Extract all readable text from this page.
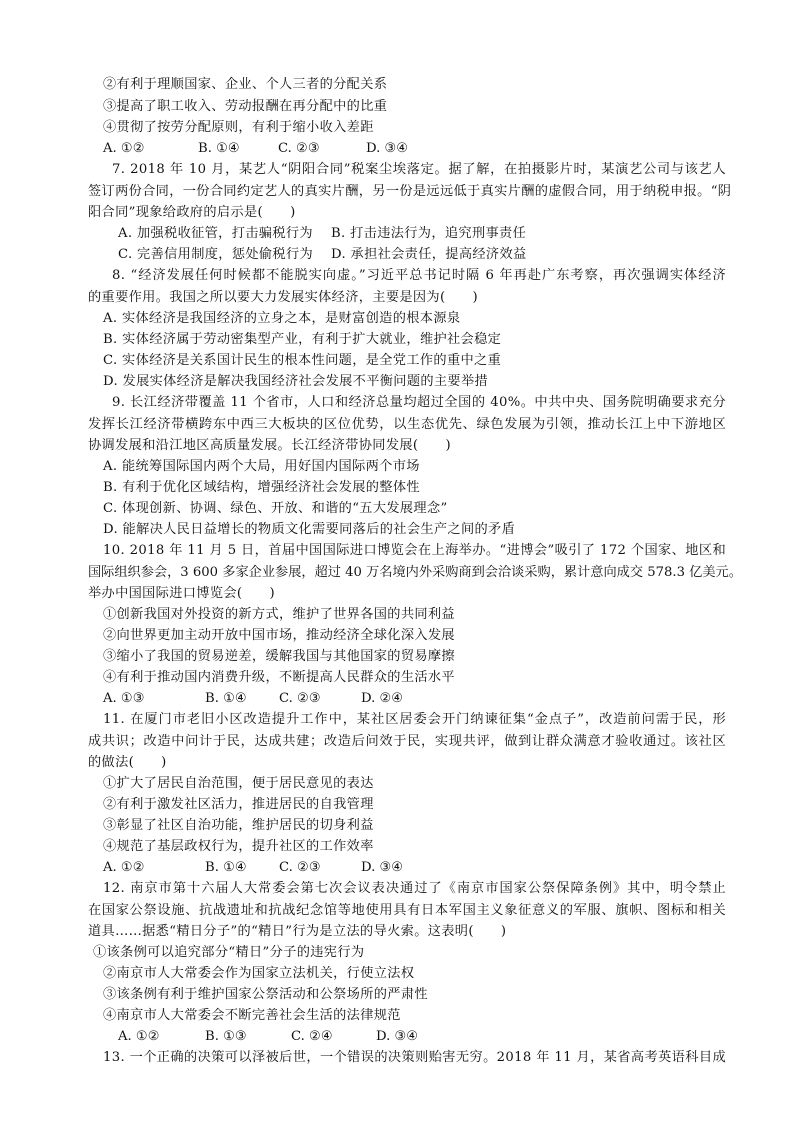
②有利于理顺国家、企业、个人三者的分配关系
③提高了职工收入、劳动报酬在再分配中的比重
④贯彻了按劳分配原则，有利于缩小收入差距
A. ①②	B. ①④	C. ②③	D. ③④
7. 2018 年 10 月，某艺人“阴阳合同”税案尘埃落定。据了解，在拍摄影片时，某演艺公司与该艺人
签订两份合同，一份合同约定艺人的真实片酬，另一份是远远低于真实片酬的虚假合同，用于纳税申报。“阴
阳合同”现象给政府的启示是(　　)
A. 加强税收征管，打击骗税行为 B. 打击违法行为，追究刑事责任
C. 完善信用制度，惩处偷税行为 D. 承担社会责任，提高经济效益
8. “经济发展任何时候都不能脱实向虚。”习近平总书记时隔 6 年再赴广东考察，再次强调实体经济
的重要作用。我国之所以要大力发展实体经济，主要是因为(　　)
A. 实体经济是我国经济的立身之本，是财富创造的根本源泉
B. 实体经济属于劳动密集型产业，有利于扩大就业，维护社会稳定
C. 实体经济是关系国计民生的根本性问题，是全党工作的重中之重
D. 发展实体经济是解决我国经济社会发展不平衡问题的主要举措
9. 长江经济带覆盖 11 个省市，人口和经济总量均超过全国的 40%。中共中央、国务院明确要求充分
发挥长江经济带横跨东中西三大板块的区位优势，以生态优先、绿色发展为引领，推动长江上中下游地区
协调发展和沿江地区高质量发展。长江经济带协同发展(　　)
A. 能统筹国际国内两个大局，用好国内国际两个市场
B. 有利于优化区域结构，增强经济社会发展的整体性
C. 体现创新、协调、绿色、开放、和谐的“五大发展理念”
D. 能解决人民日益增长的物质文化需要同落后的社会生产之间的矛盾
10. 2018 年 11 月 5 日，首届中国国际进口博览会在上海举办。“进博会”吸引了 172 个国家、地区和
国际组织参会，3 600 多家企业参展，超过 40 万名境内外采购商到会洽谈采购，累计意向成交 578.3 亿美元。
举办中国国际进口博览会(　　)
①创新我国对外投资的新方式，维护了世界各国的共同利益
②向世界更加主动开放中国市场，推动经济全球化深入发展
③缩小了我国的贸易逆差，缓解我国与其他国家的贸易摩擦
④有利于推动国内消费升级，不断提高人民群众的生活水平
A. ①③	B. ①④ C. ②③	D. ②④
11. 在厦门市老旧小区改造提升工作中，某社区居委会开门纳谏征集“金点子”，改造前问需于民，形
成共识；改造中问计于民，达成共建；改造后问效于民，实现共评，做到让群众满意才验收通过。该社区
的做法(　　)
①扩大了居民自治范围，便于居民意见的表达
②有利于激发社区活力，推进居民的自我管理
③彰显了社区自治功能，维护居民的切身利益
④规范了基层政权行为，提升社区的工作效率
A. ①②	B. ①④ C. ②③	D. ③④
12. 南京市第十六届人大常委会第七次会议表决通过了《南京市国家公祭保障条例》其中，明令禁止
在国家公祭设施、抗战遗址和抗战纪念馆等地使用具有日本军国主义象征意义的军服、旗帜、图标和相关
道具……据悉“精日分子”的“精日”行为是立法的导火索。这表明(　　)
①该条例可以追究部分“精日”分子的违宪行为
②南京市人大常委会作为国家立法机关，行使立法权
③该条例有利于维护国家公祭活动和公祭场所的严肃性
④南京市人大常委会不断完善社会生活的法律规范
A. ①②	B. ①③	C. ②④	D. ③④
13. 一个正确的决策可以泽被后世，一个错误的决策则贻害无穷。2018 年 11 月，某省高考英语科目成
